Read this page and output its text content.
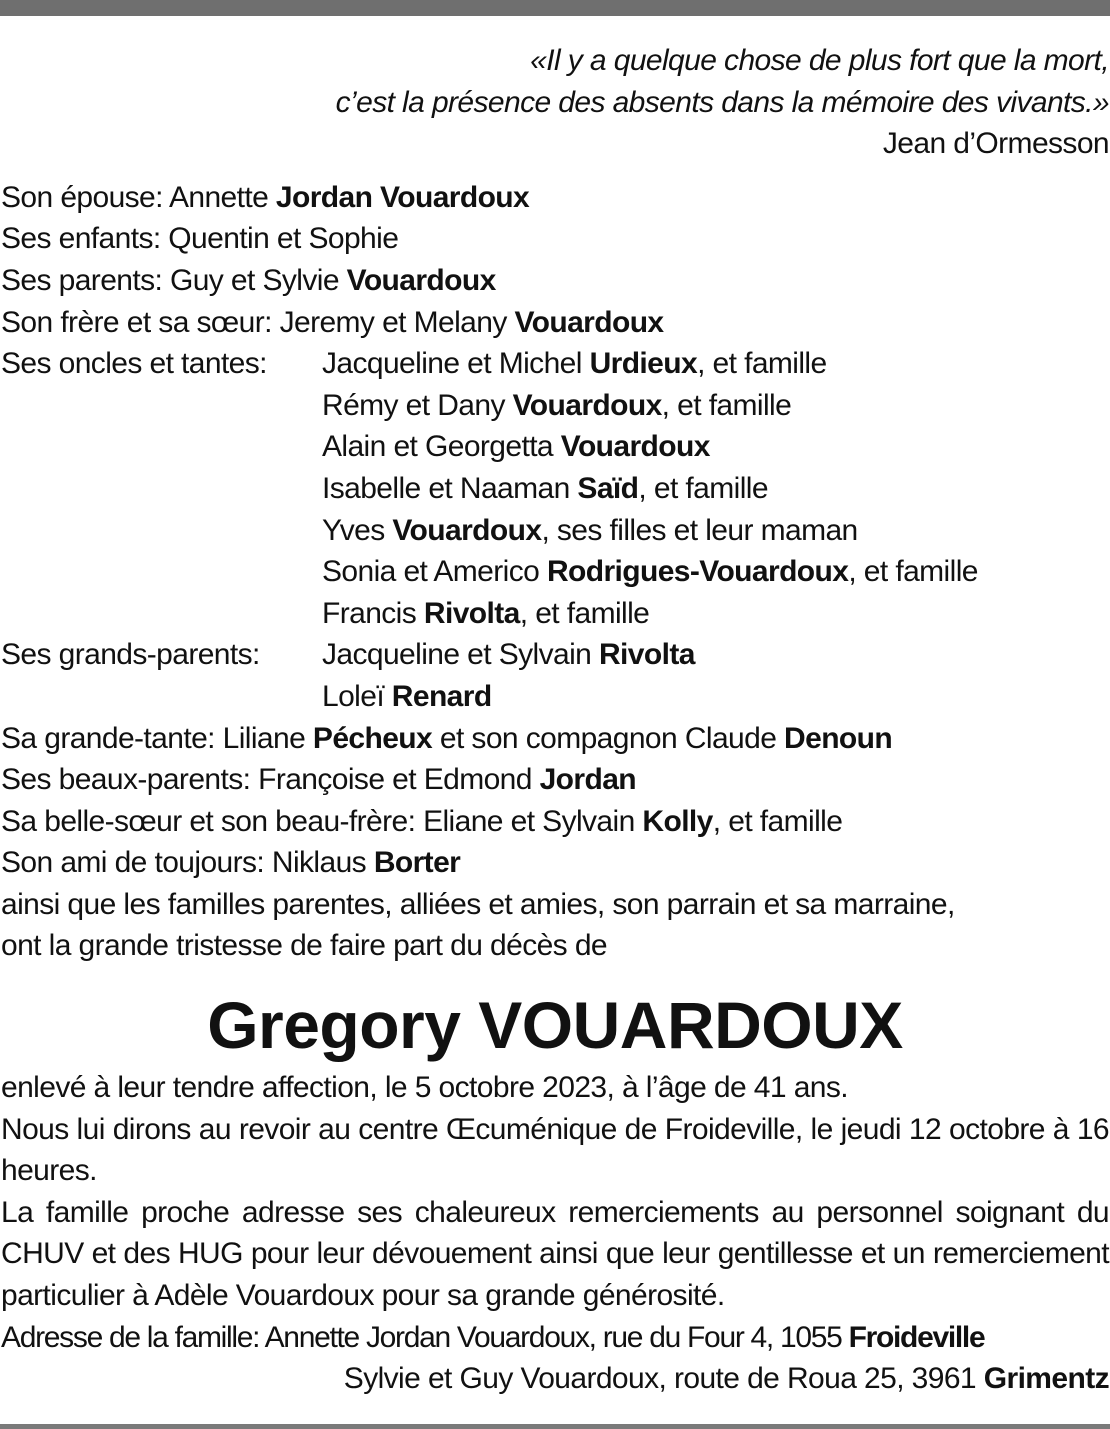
«Il y a quelque chose de plus fort que la mort,
c’est la présence des absents dans la mémoire des vivants.»
Jean d’Ormesson
Son épouse: Annette Jordan Vouardoux
Ses enfants: Quentin et Sophie
Ses parents: Guy et Sylvie Vouardoux
Son frère et sa sœur: Jeremy et Melany Vouardoux
Ses oncles et tantes:	Jacqueline et Michel Urdieux, et famille
Rémy et Dany Vouardoux, et famille
Alain et Georgetta Vouardoux
Isabelle et Naaman Saïd, et famille
Yves Vouardoux, ses filles et leur maman
Sonia et Americo Rodrigues-Vouardoux, et famille
Francis Rivolta, et famille
Ses grands-parents:	Jacqueline et Sylvain Rivolta
Loleï Renard
Sa grande-tante: Liliane Pécheux et son compagnon Claude Denoun
Ses beaux-parents: Françoise et Edmond Jordan
Sa belle-sœur et son beau-frère: Eliane et Sylvain Kolly, et famille
Son ami de toujours: Niklaus Borter
ainsi que les familles parentes, alliées et amies, son parrain et sa marraine,
ont la grande tristesse de faire part du décès de
Gregory VOUARDOUX
enlevé à leur tendre affection, le 5 octobre 2023, à l’âge de 41 ans.
Nous lui dirons au revoir au centre Œcuménique de Froideville, le jeudi 12 octobre à 16 heures.
La famille proche adresse ses chaleureux remerciements au personnel soignant du CHUV et des HUG pour leur dévouement ainsi que leur gentillesse et un remerciement particulier à Adèle Vouardoux pour sa grande générosité.
Adresse de la famille: Annette Jordan Vouardoux, rue du Four 4, 1055 Froideville
Sylvie et Guy Vouardoux, route de Roua 25, 3961 Grimentz
